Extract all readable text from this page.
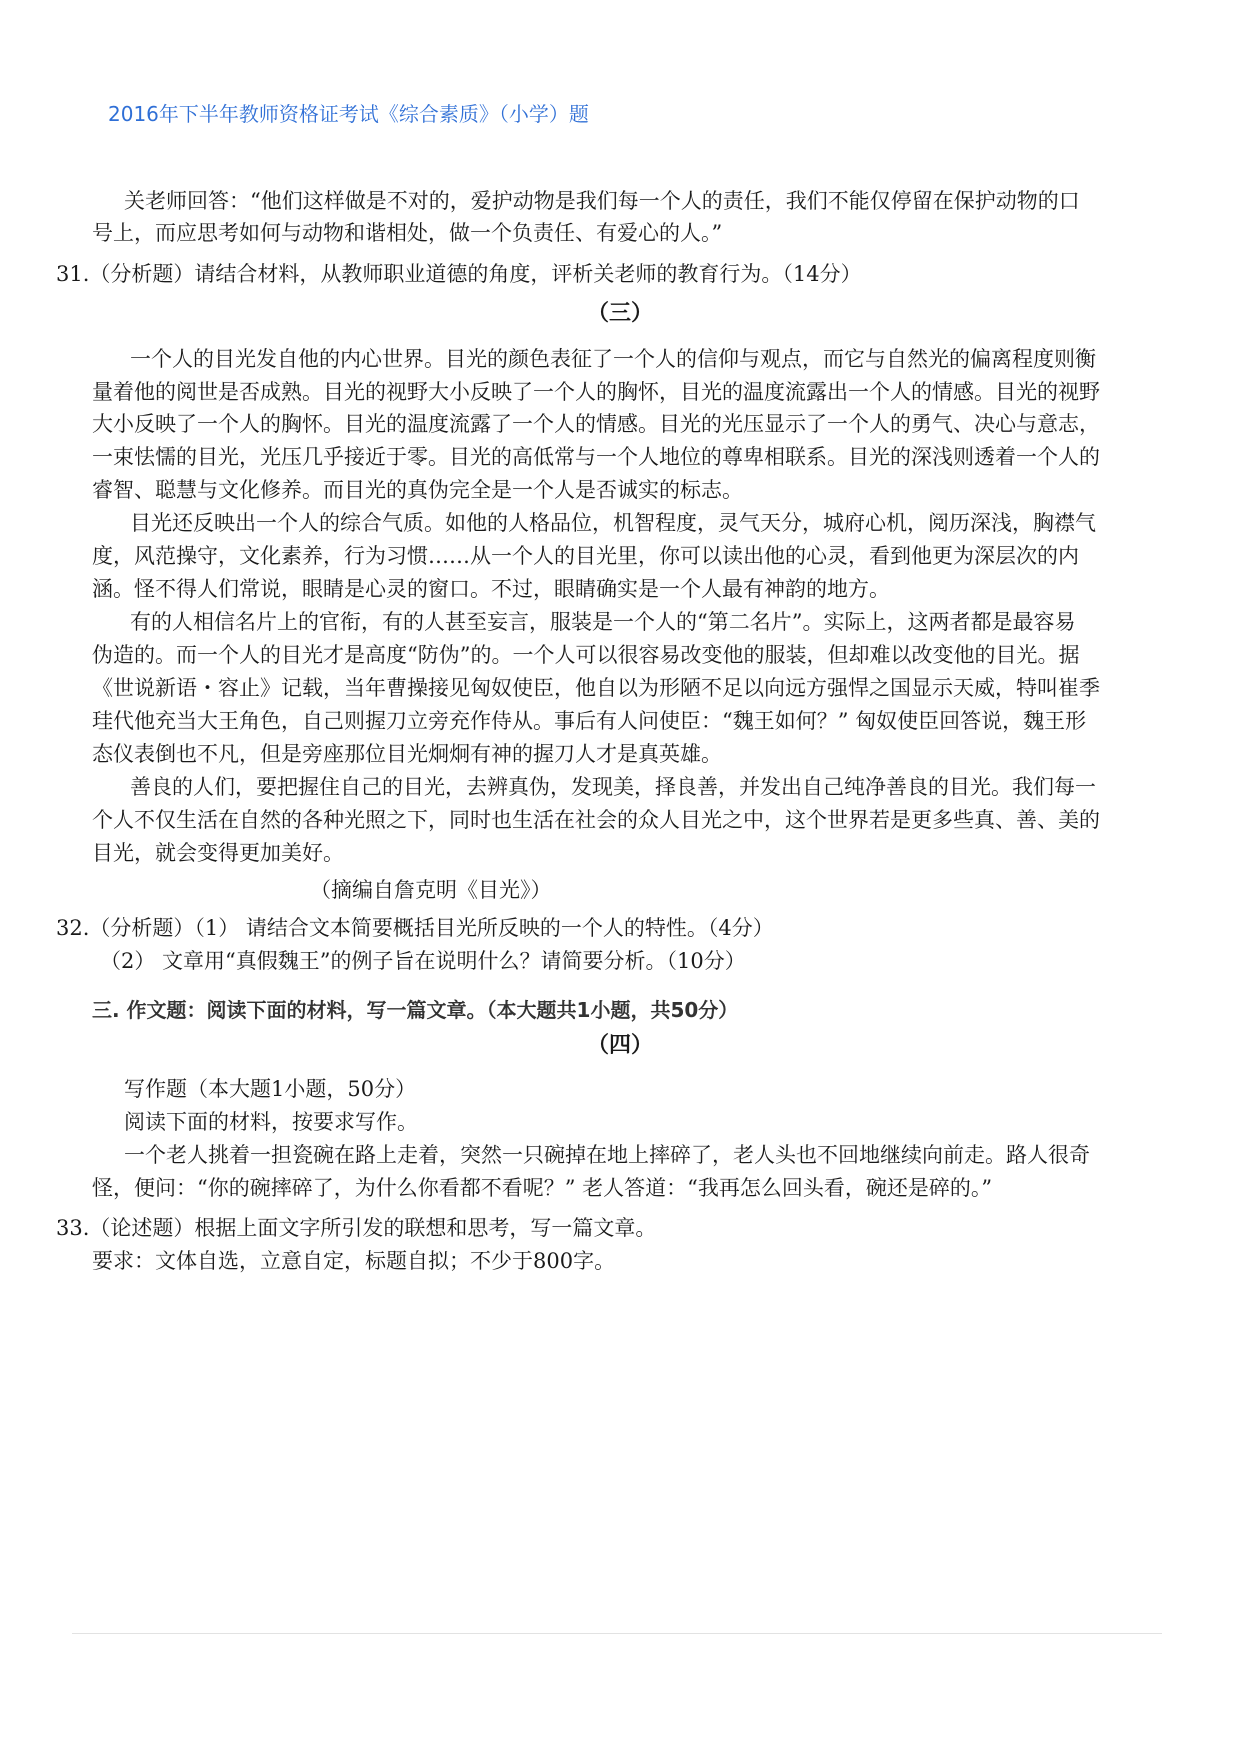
2016年下半年教师资格证考试《综合素质》（小学）题
关老师回答：“他们这样做是不对的，爱护动物是我们每一个人的责任，我们不能仅停留在保护动物的口
号上，而应思考如何与动物和谐相处，做一个负责任、有爱心的人。”
31.（分析题）请结合材料，从教师职业道德的角度，评析关老师的教育行为。（14分）
（三）
一个人的目光发自他的内心世界。目光的颜色表征了一个人的信仰与观点，而它与自然光的偏离程度则衡
量着他的阅世是否成熟。目光的视野大小反映了一个人的胸怀，目光的温度流露出一个人的情感。目光的视野
大小反映了一个人的胸怀。目光的温度流露了一个人的情感。目光的光压显示了一个人的勇气、决心与意志，
一束怯懦的目光，光压几乎接近于零。目光的高低常与一个人地位的尊卑相联系。目光的深浅则透着一个人的
睿智、聪慧与文化修养。而目光的真伪完全是一个人是否诚实的标志。
目光还反映出一个人的综合气质。如他的人格品位，机智程度，灵气天分，城府心机，阅历深浅，胸襟气
度，风范操守，文化素养，行为习惯……从一个人的目光里，你可以读出他的心灵，看到他更为深层次的内
涵。怪不得人们常说，眼睛是心灵的窗口。不过，眼睛确实是一个人最有神韵的地方。
有的人相信名片上的官衔，有的人甚至妄言，服装是一个人的“第二名片”。实际上，这两者都是最容易
伪造的。而一个人的目光才是高度“防伪”的。一个人可以很容易改变他的服装，但却难以改变他的目光。据
《世说新语・容止》记载，当年曹操接见匈奴使臣，他自以为形陋不足以向远方强悍之国显示天威，特叫崔季
珪代他充当大王角色，自己则握刀立旁充作侍从。事后有人问使臣：“魏王如何？” 匈奴使臣回答说，魏王形
态仪表倒也不凡，但是旁座那位目光炯炯有神的握刀人才是真英雄。
善良的人们，要把握住自己的目光，去辨真伪，发现美，择良善，并发出自己纯净善良的目光。我们每一
个人不仅生活在自然的各种光照之下，同时也生活在社会的众人目光之中，这个世界若是更多些真、善、美的
目光，就会变得更加美好。
（摘编自詹克明《目光》）
32.（分析题）（1） 请结合文本简要概括目光所反映的一个人的特性。（4分）
（2） 文章用“真假魏王”的例子旨在说明什么？请简要分析。（10分）
三. 作文题：阅读下面的材料，写一篇文章。（本大题共1小题，共50分）
（四）
写作题（本大题1小题，50分）
阅读下面的材料，按要求写作。
一个老人挑着一担瓷碗在路上走着，突然一只碗掉在地上摔碎了，老人头也不回地继续向前走。路人很奇
怪，便问：“你的碗摔碎了，为什么你看都不看呢？” 老人答道：“我再怎么回头看，碗还是碎的。”
33.（论述题）根据上面文字所引发的联想和思考，写一篇文章。
要求：文体自选，立意自定，标题自拟；不少于800字。
